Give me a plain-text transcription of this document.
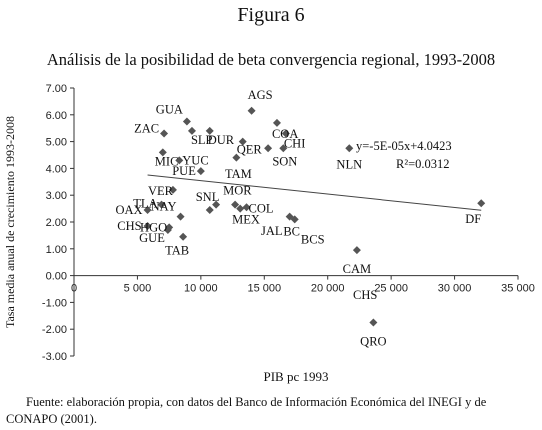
Figura 6
Análisis de la posibilidad de beta convergencia regional, 1993-2008
7.00
6.00
5.00
4.00
3.00
2.00
1.00
0.00
-1.00
-2.00
-3.00
0	5 000	10 000	15 000	20 000	25 000	30 000	35 000
AGS
GUA
ZAC
SLP
DUR	COA
CHI
QER
MIC YUC
PUE
SON	NLN
VER
TLA
OAX NAY
SNL MOR
MEX
COL
HGO
CHS
GUE
TAB
BC
BCS
DF
CAM
QRO
y=-5E-05x+4.0423
R²=0.0312
TAM
JAL
CHS
PIB pc 1993
Tasa media anual de crecimiento 1993-2008
Fuente: elaboración propia, con datos del Banco de Información Económica del INEGI y de CONAPO (2001).
